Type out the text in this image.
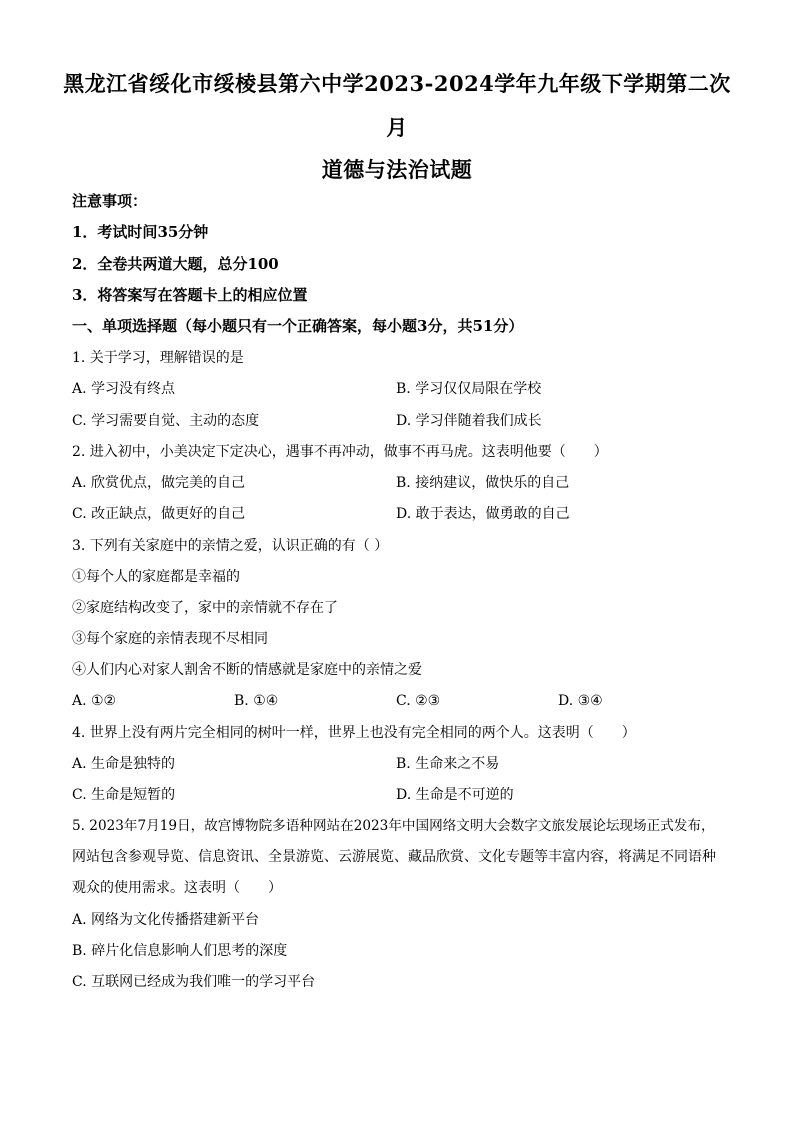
黑龙江省绥化市绥棱县第六中学2023-2024学年九年级下学期第二次
月
道德与法治试题
注意事项：
1．考试时间35分钟
2．全卷共两道大题，总分100
3．将答案写在答题卡上的相应位置
一、单项选择题（每小题只有一个正确答案，每小题3分，共51分）
1. 关于学习，理解错误的是
A. 学习没有终点	B. 学习仅仅局限在学校
C. 学习需要自觉、主动的态度	D. 学习伴随着我们成长
2. 进入初中，小美决定下定决心，遇事不再冲动，做事不再马虎。这表明他要（　　）
A. 欣赏优点，做完美的自己	B. 接纳建议，做快乐的自己
C. 改正缺点，做更好的自己	D. 敢于表达，做勇敢的自己
3. 下列有关家庭中的亲情之爱，认识正确的有（ ）
①每个人的家庭都是幸福的
②家庭结构改变了，家中的亲情就不存在了
③每个家庭的亲情表现不尽相同
④人们内心对家人割舍不断的情感就是家庭中的亲情之爱
A. ①②	B. ①④	C. ②③	D. ③④
4. 世界上没有两片完全相同的树叶一样，世界上也没有完全相同的两个人。这表明（　　）
A. 生命是独特的	B. 生命来之不易
C. 生命是短暂的	D. 生命是不可逆的
5. 2023年7月19日，故宫博物院多语种网站在2023年中国网络文明大会数字文旅发展论坛现场正式发布，
网站包含参观导览、信息资讯、全景游览、云游展览、藏品欣赏、文化专题等丰富内容，将满足不同语种
观众的使用需求。这表明（　　）
A. 网络为文化传播搭建新平台
B. 碎片化信息影响人们思考的深度
C. 互联网已经成为我们唯一的学习平台
